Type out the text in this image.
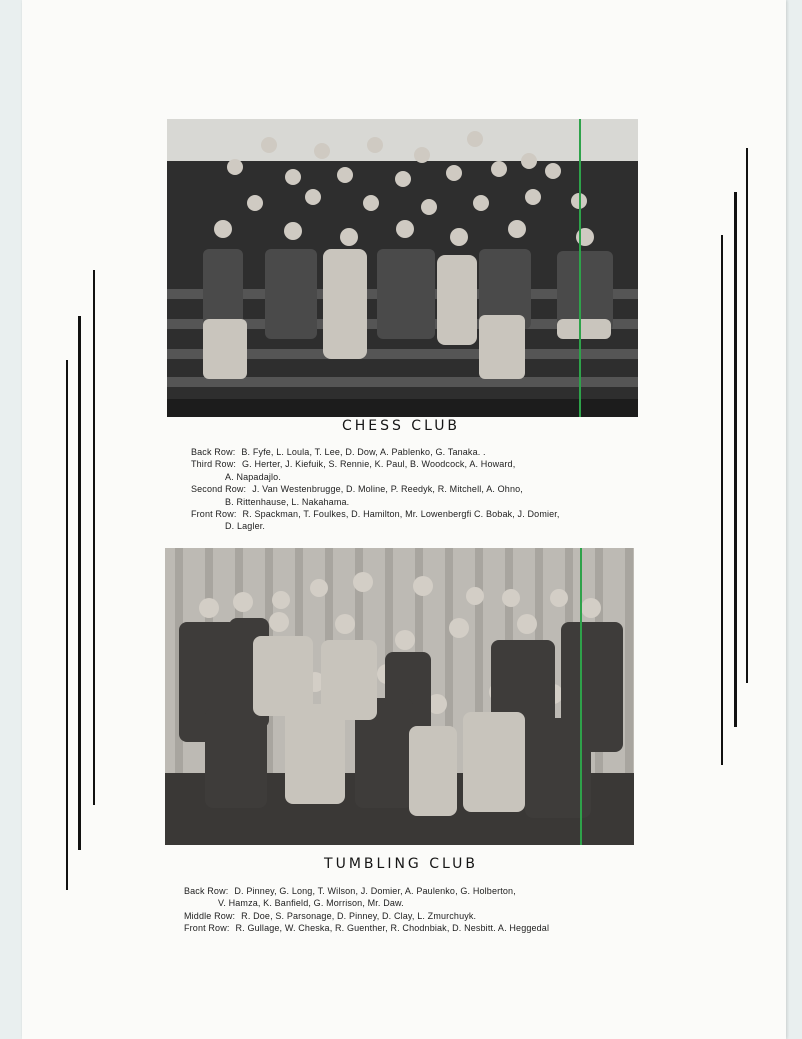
CHESS CLUB
Back Row: B. Fyfe, L. Loula, T. Lee, D. Dow, A. Pablenko, G. Tanaka. .
Third Row: G. Herter, J. Kiefuik, S. Rennie, K. Paul, B. Woodcock, A. Howard,
A. Napadajlo.
Second Row: J. Van Westenbrugge, D. Moline, P. Reedyk, R. Mitchell, A. Ohno,
B. Rittenhause, L. Nakahama.
Front Row: R. Spackman, T. Foulkes, D. Hamilton, Mr. Lowenbergfi C. Bobak, J. Domier,
D. Lagler.
TUMBLING CLUB
Back Row: D. Pinney, G. Long, T. Wilson, J. Domier, A. Paulenko, G. Holberton,
V. Hamza, K. Banfield, G. Morrison, Mr. Daw.
Middle Row: R. Doe, S. Parsonage, D. Pinney, D. Clay, L. Zmurchuyk.
Front Row: R. Gullage, W. Cheska, R. Guenther, R. Chodnbiak, D. Nesbitt. A. Heggedal
